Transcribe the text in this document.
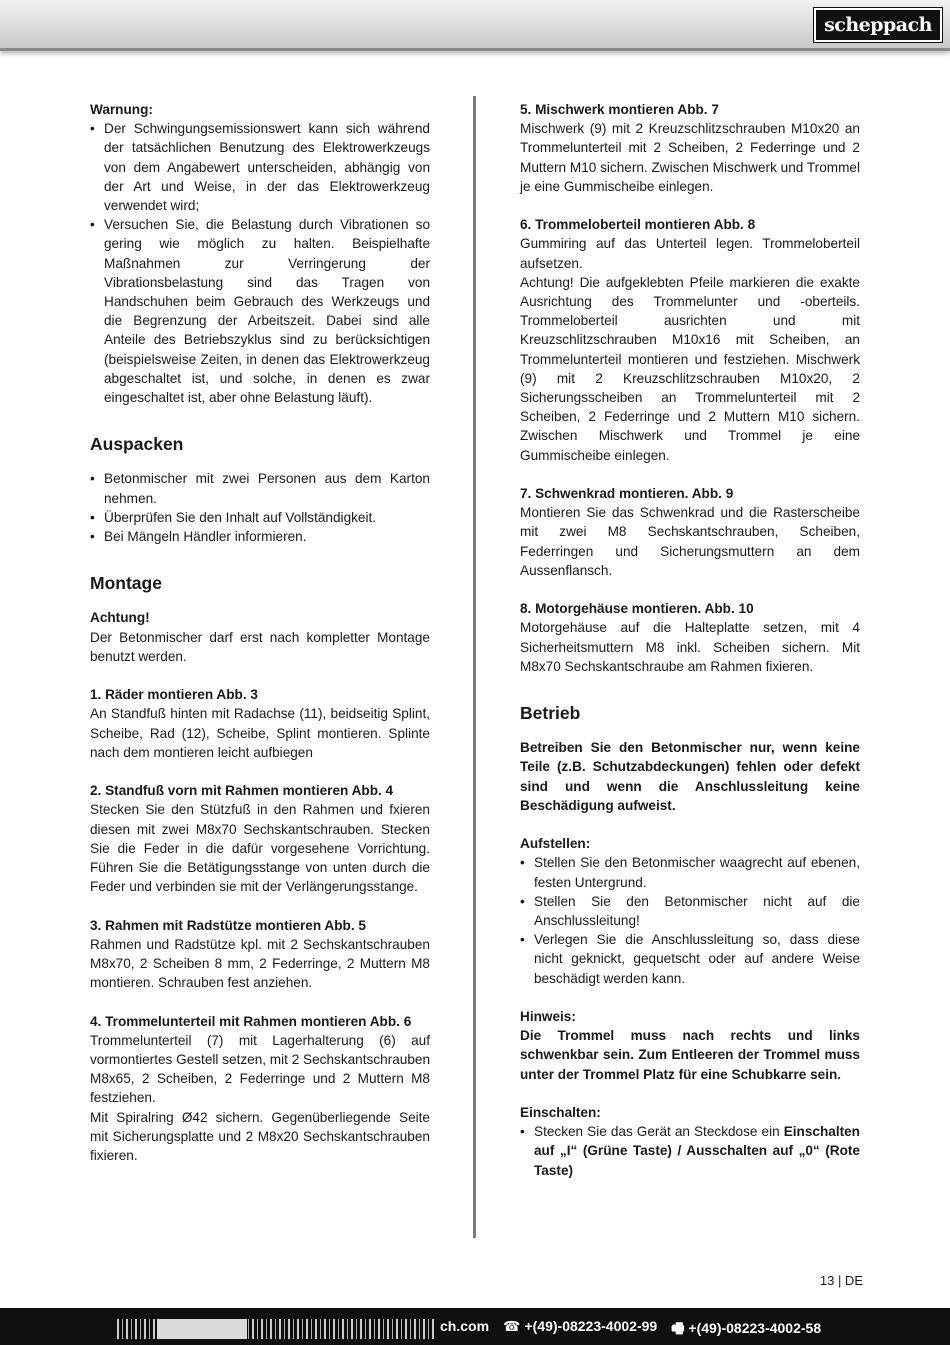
scheppach

Warnung:

• Der Schwingungsemissionswert kann sich während der tatsächlichen Benutzung des Elektrowerkzeugs von dem Angabewert unterscheiden, abhängig von der Art und Weise, in der das Elektrowerkzeug verwendet wird;
• Versuchen Sie, die Belastung durch Vibrationen so gering wie möglich zu halten. Beispielhafte Maßnahmen zur Verringerung der Vibrationsbelastung sind das Tragen von Handschuhen beim Gebrauch des Werkzeugs und die Begrenzung der Arbeitszeit. Dabei sind alle Anteile des Betriebszyklus sind zu berücksichtigen (beispielsweise Zeiten, in denen das Elektrowerkzeug abgeschaltet ist, und solche, in denen es zwar eingeschaltet ist, aber ohne Belastung läuft).
Auspacken
• Betonmischer mit zwei Personen aus dem Karton nehmen.
• Überprüfen Sie den Inhalt auf Vollständigkeit.
• Bei Mängeln Händler informieren.
Montage

Achtung!

Der Betonmischer darf erst nach kompletter Montage benutzt werden.

1. Räder montieren Abb. 3

An Standfuß hinten mit Radachse (11), beidseitig Splint, Scheibe, Rad (12), Scheibe, Splint montieren. Splinte nach dem montieren leicht aufbiegen

2. Standfuß vorn mit Rahmen montieren Abb. 4

Stecken Sie den Stützfuß in den Rahmen und fxieren diesen mit zwei M8x70 Sechskantschrauben. Stecken Sie die Feder in die dafür vorgesehene Vorrichtung. Führen Sie die Betätigungsstange von unten durch die Feder und verbinden sie mit der Verlängerungsstange.

3. Rahmen mit Radstütze montieren Abb. 5

Rahmen und Radstütze kpl. mit 2 Sechskantschrauben M8x70, 2 Scheiben 8 mm, 2 Federringe, 2 Muttern M8 montieren. Schrauben fest anziehen.

4. Trommelunterteil mit Rahmen montieren Abb. 6

Trommelunterteil (7) mit Lagerhalterung (6) auf vormontiertes Gestell setzen, mit 2 Sechskantschrauben M8x65, 2 Scheiben, 2 Federringe und 2 Muttern M8 festziehen.

Mit Spiralring Ø42 sichern. Gegenüberliegende Seite mit Sicherungsplatte und 2 M8x20 Sechskantschrauben fixieren.

5. Mischwerk montieren Abb. 7

Mischwerk (9) mit 2 Kreuzschlitzschrauben M10x20 an Trommelunterteil mit 2 Scheiben, 2 Federringe und 2 Muttern M10 sichern. Zwischen Mischwerk und Trommel je eine Gummischeibe einlegen.

6. Trommeloberteil montieren Abb. 8

Gummiring auf das Unterteil legen. Trommeloberteil aufsetzen.

Achtung! Die aufgeklebten Pfeile markieren die exakte Ausrichtung des Trommelunter und -oberteils. Trommeloberteil ausrichten und mit Kreuzschlitzschrauben M10x16 mit Scheiben, an Trommelunterteil montieren und festziehen. Mischwerk (9) mit 2 Kreuzschlitzschrauben M10x20, 2 Sicherungsscheiben an Trommelunterteil mit 2 Scheiben, 2 Federringe und 2 Muttern M10 sichern. Zwischen Mischwerk und Trommel je eine Gummischeibe einlegen.

7. Schwenkrad montieren. Abb. 9

Montieren Sie das Schwenkrad und die Rasterscheibe mit zwei M8 Sechskantschrauben, Scheiben, Federringen und Sicherungsmuttern an dem Aussenflansch.

8. Motorgehäuse montieren. Abb. 10

Motorgehäuse auf die Halteplatte setzen, mit 4 Sicherheitsmuttern M8 inkl. Scheiben sichern. Mit M8x70 Sechskantschraube am Rahmen fixieren.

Betrieb

Betreiben Sie den Betonmischer nur, wenn keine Teile (z.B. Schutzabdeckungen) fehlen oder defekt sind und wenn die Anschlussleitung keine Beschädigung aufweist.

Aufstellen:

• Stellen Sie den Betonmischer waagrecht auf ebenen, festen Untergrund.
• Stellen Sie den Betonmischer nicht auf die Anschlussleitung!
• Verlegen Sie die Anschlussleitung so, dass diese nicht geknickt, gequetscht oder auf andere Weise beschädigt werden kann.

Hinweis:

Die Trommel muss nach rechts und links schwenkbar sein. Zum Entleeren der Trommel muss unter der Trommel Platz für eine Schubkarre sein.

Einschalten:

• Stecken Sie das Gerät an Steckdose ein Einschalten auf „I“ (Grüne Taste) / Ausschalten auf „0“ (Rote Taste)
13 | DE
ch.com ☎ +(49)-08223-4002-99 🖷 +(49)-08223-4002-58
